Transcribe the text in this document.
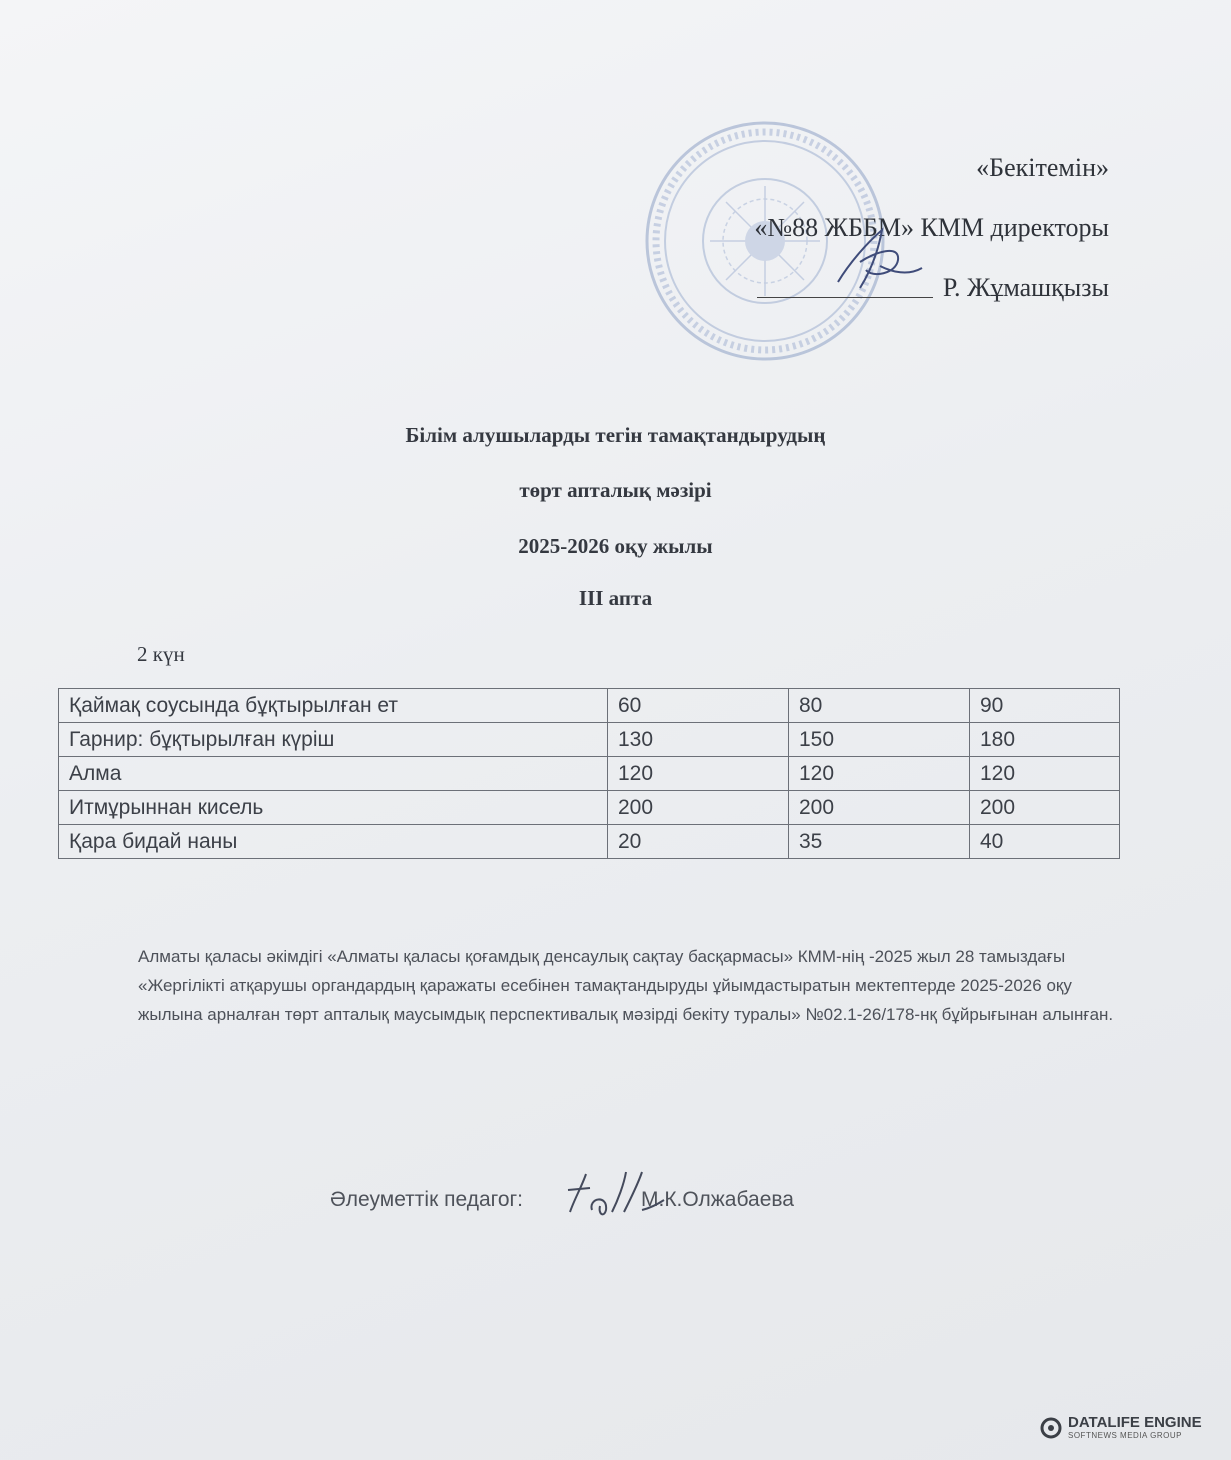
«Бекітемін»
«№88 ЖББМ» КММ директоры
Р. Жұмашқызы
Білім алушыларды тегін тамақтандырудың
төрт апталық мәзірі
2025-2026 оқу жылы
ІІІ апта
2 күн
Қаймақ соусында бұқтырылған ет	60	80	90
Гарнир: бұқтырылған күріш	130	150	180
Алма	120	120	120
Итмұрыннан кисель	200	200	200
Қара бидай наны	20	35	40
Алматы қаласы әкімдігі «Алматы қаласы қоғамдық денсаулық сақтау басқармасы» КММ-нің -2025 жыл 28 тамыздағы «Жергілікті атқарушы органдардың қаражаты есебінен тамақтандыруды ұйымдастыратын мектептерде 2025-2026 оқу жылына арналған төрт апталық маусымдық перспективалық мәзірді бекіту туралы» №02.1-26/178-нқ бұйрығынан алынған.
Әлеуметтік педагог:	М.К.Олжабаева
DATALIFE ENGINE
SOFTNEWS MEDIA GROUP
